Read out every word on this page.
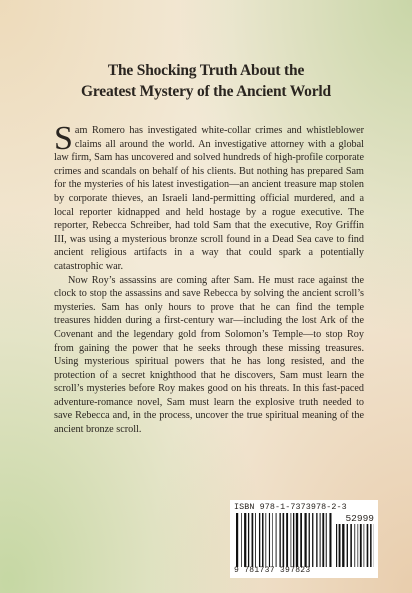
The Shocking Truth About the
Greatest Mystery of the Ancient World

Sam Romero has investigated white-collar crimes and whistleblower claims all around the world. An investigative attorney with a global law firm, Sam has uncovered and solved hundreds of high-profile corporate crimes and scandals on behalf of his clients. But nothing has prepared Sam for the mysteries of his latest investigation—an ancient treasure map stolen by corporate thieves, an Israeli land-permitting official murdered, and a local reporter kidnapped and held hostage by a rogue executive. The reporter, Rebecca Schreiber, had told Sam that the executive, Roy Griffin III, was using a mysterious bronze scroll found in a Dead Sea cave to find ancient religious artifacts in a way that could spark a potentially catastrophic war.

Now Roy’s assassins are coming after Sam. He must race against the clock to stop the assassins and save Rebecca by solving the ancient scroll’s mysteries. Sam has only hours to prove that he can find the temple treasures hidden during a first-century war—including the lost Ark of the Covenant and the legendary gold from Solomon’s Temple—to stop Roy from gaining the power that he seeks through these missing treasures. Using mysterious spiritual powers that he has long resisted, and the protection of a secret knighthood that he discovers, Sam must learn the scroll’s mysteries before Roy makes good on his threats. In this fast-paced adventure-romance novel, Sam must learn the explosive truth needed to save Rebecca and, in the process, uncover the true spiritual meaning of the ancient bronze scroll.

ISBN 978-1-7373978-2-3
52999
9 781737 397823
